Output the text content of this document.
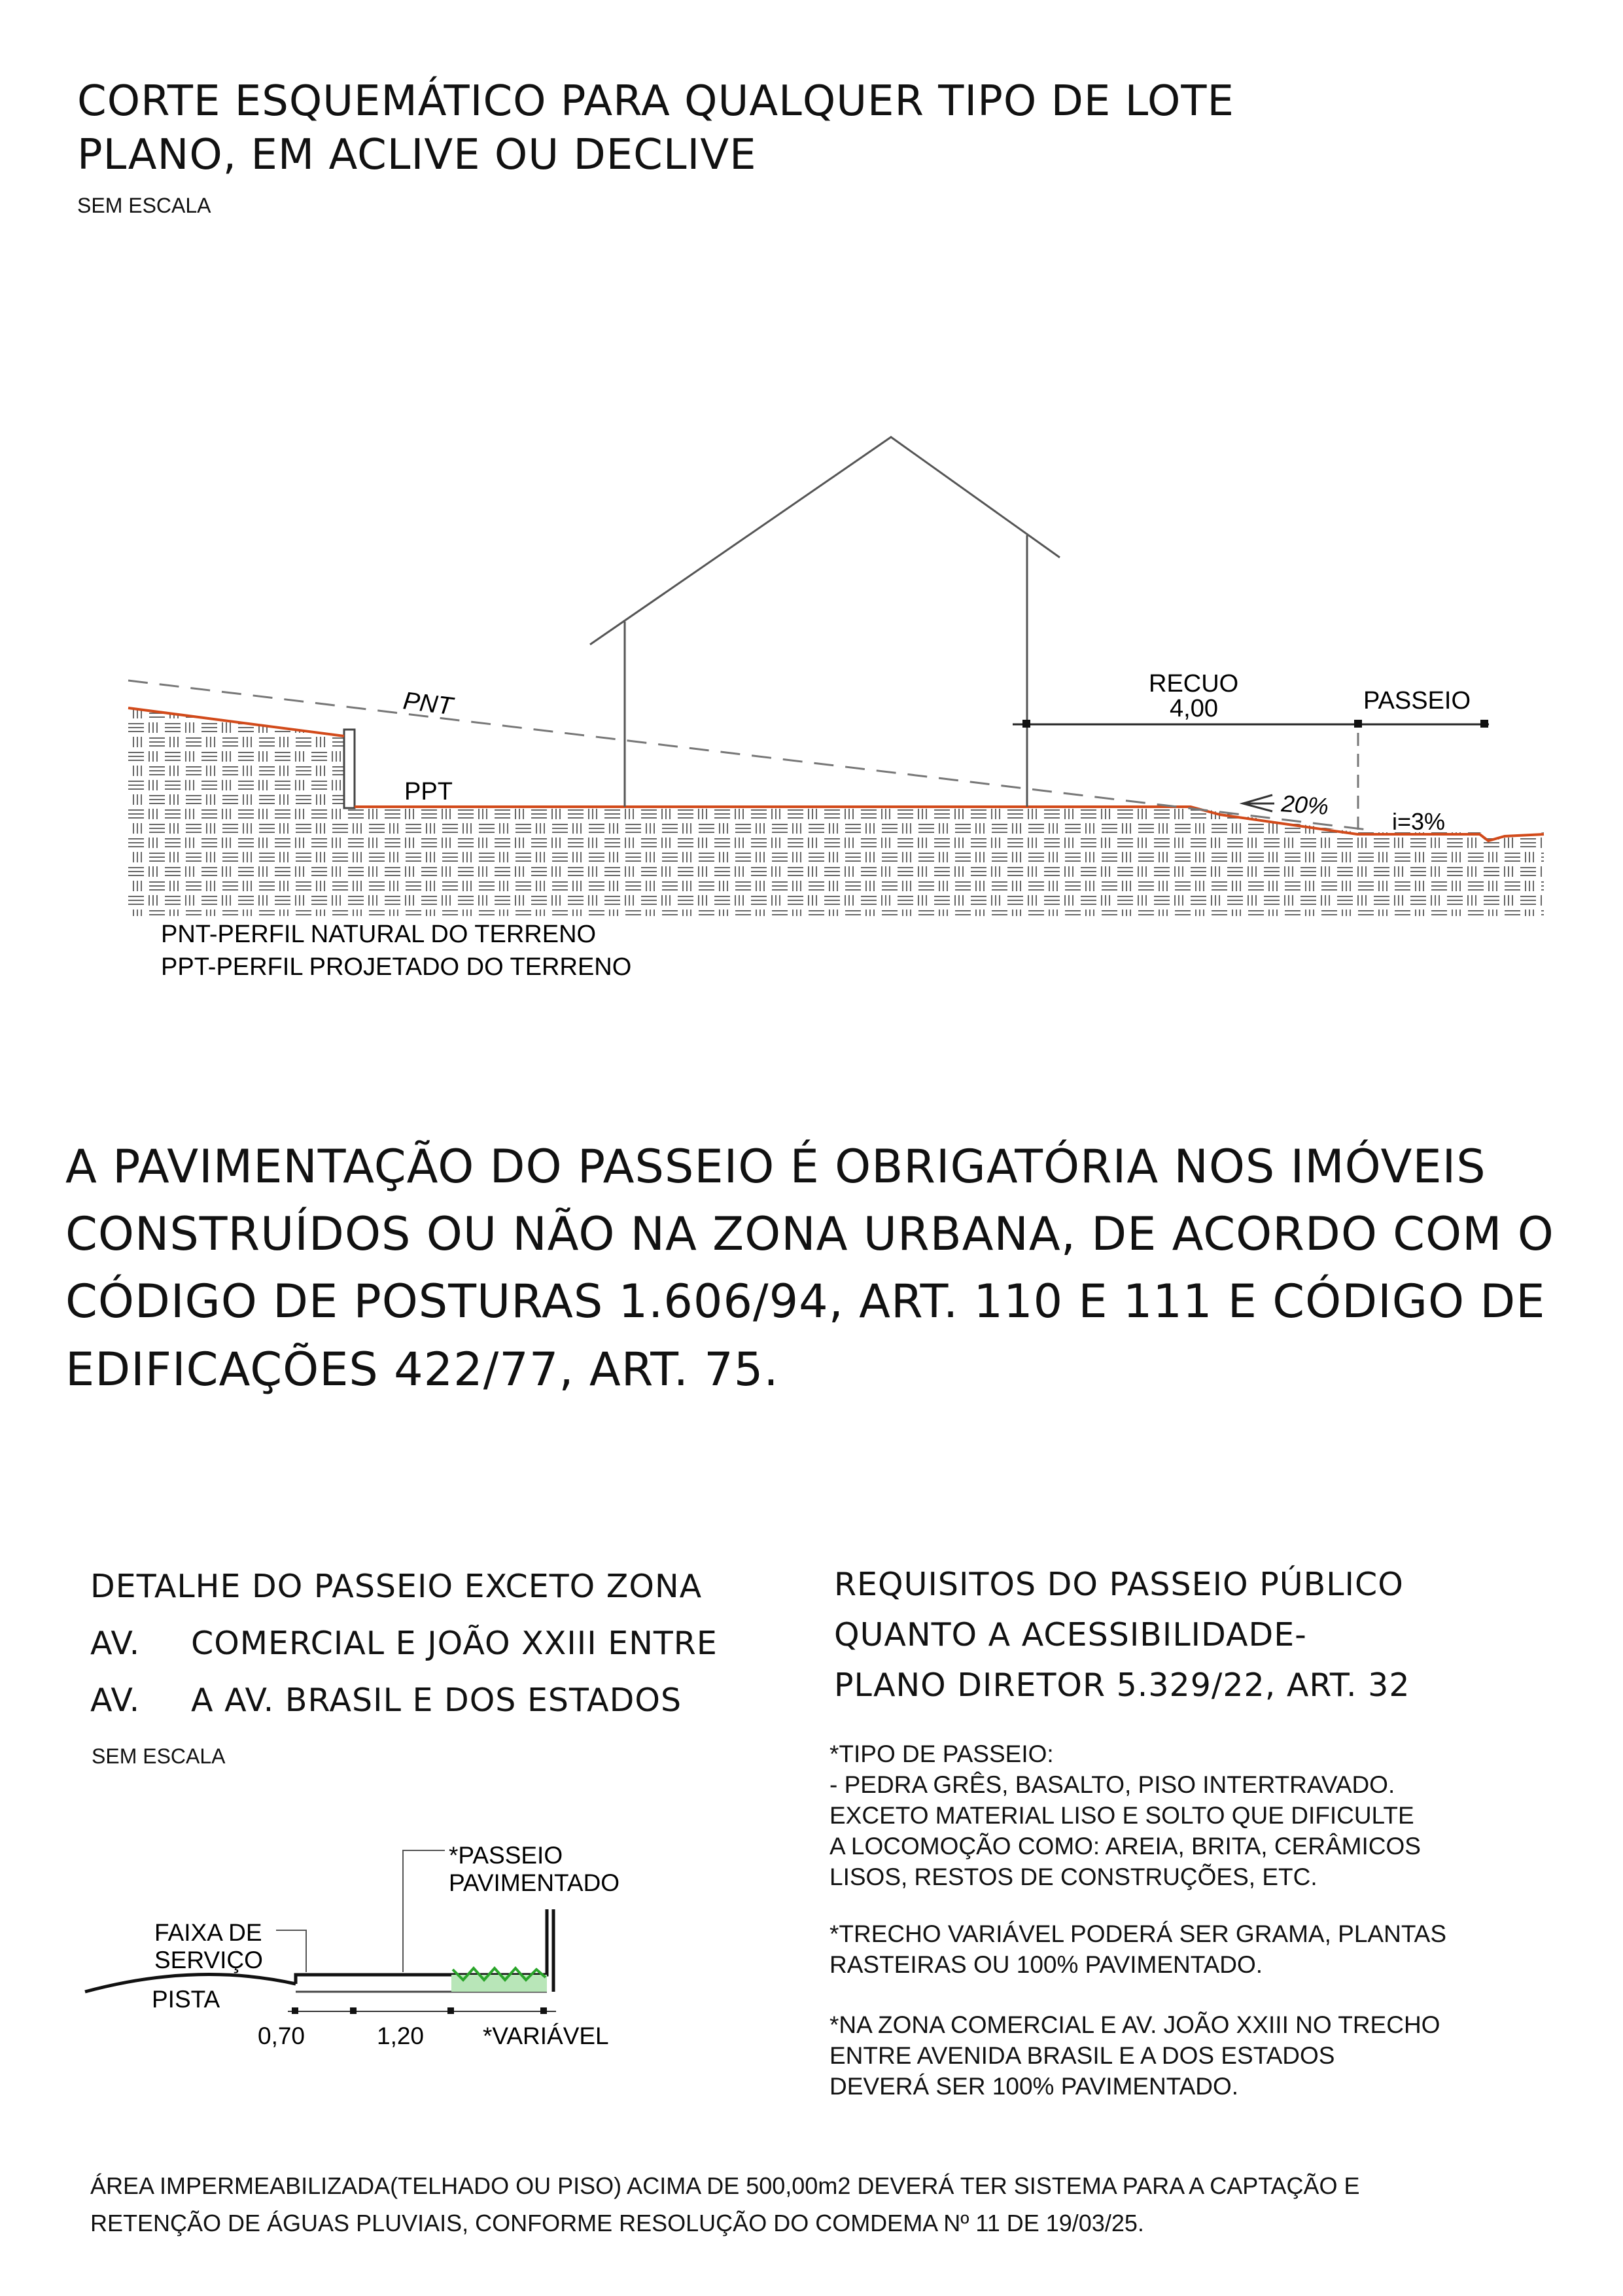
CORTE ESQUEMÁTICO PARA QUALQUER TIPO DE LOTE
PLANO, EM ACLIVE OU DECLIVE
SEM ESCALA
PNT
PPT
RECUO
4,00	PASSEIO
20%
i=3%
PNT-PERFIL NATURAL DO TERRENO
PPT-PERFIL PROJETADO DO TERRENO
*PASSEIO
PAVIMENTADO
FAIXA DE
SERVIÇO
PISTA
0,70	1,20 *VARIÁVEL
A PAVIMENTAÇÃO DO PASSEIO É OBRIGATÓRIA NOS IMÓVEIS
CONSTRUÍDOS OU NÃO NA ZONA URBANA, DE ACORDO COM O
CÓDIGO DE POSTURAS 1.606/94, ART. 110 E 111 E CÓDIGO DE
EDIFICAÇÕES 422/77, ART. 75.
DETALHE DO PASSEIO EXCETO ZONA
AV. COMERCIAL E JOÃO XXIII ENTRE
AV. A AV. BRASIL E DOS ESTADOS
SEM ESCALA
REQUISITOS DO PASSEIO PÚBLICO
QUANTO A ACESSIBILIDADE-
PLANO DIRETOR 5.329/22, ART. 32
*TIPO DE PASSEIO:
- PEDRA GRÊS, BASALTO, PISO INTERTRAVADO.
EXCETO MATERIAL LISO E SOLTO QUE DIFICULTE
A LOCOMOÇÃO COMO: AREIA, BRITA, CERÂMICOS
LISOS, RESTOS DE CONSTRUÇÕES, ETC.
*TRECHO VARIÁVEL PODERÁ SER GRAMA, PLANTAS
RASTEIRAS OU 100% PAVIMENTADO.
*NA ZONA COMERCIAL E AV. JOÃO XXIII NO TRECHO
ENTRE AVENIDA BRASIL E A DOS ESTADOS
DEVERÁ SER 100% PAVIMENTADO.
ÁREA IMPERMEABILIZADA(TELHADO OU PISO) ACIMA DE 500,00m2 DEVERÁ TER SISTEMA PARA A CAPTAÇÃO E
RETENÇÃO DE ÁGUAS PLUVIAIS, CONFORME RESOLUÇÃO DO COMDEMA Nº 11 DE 19/03/25.
